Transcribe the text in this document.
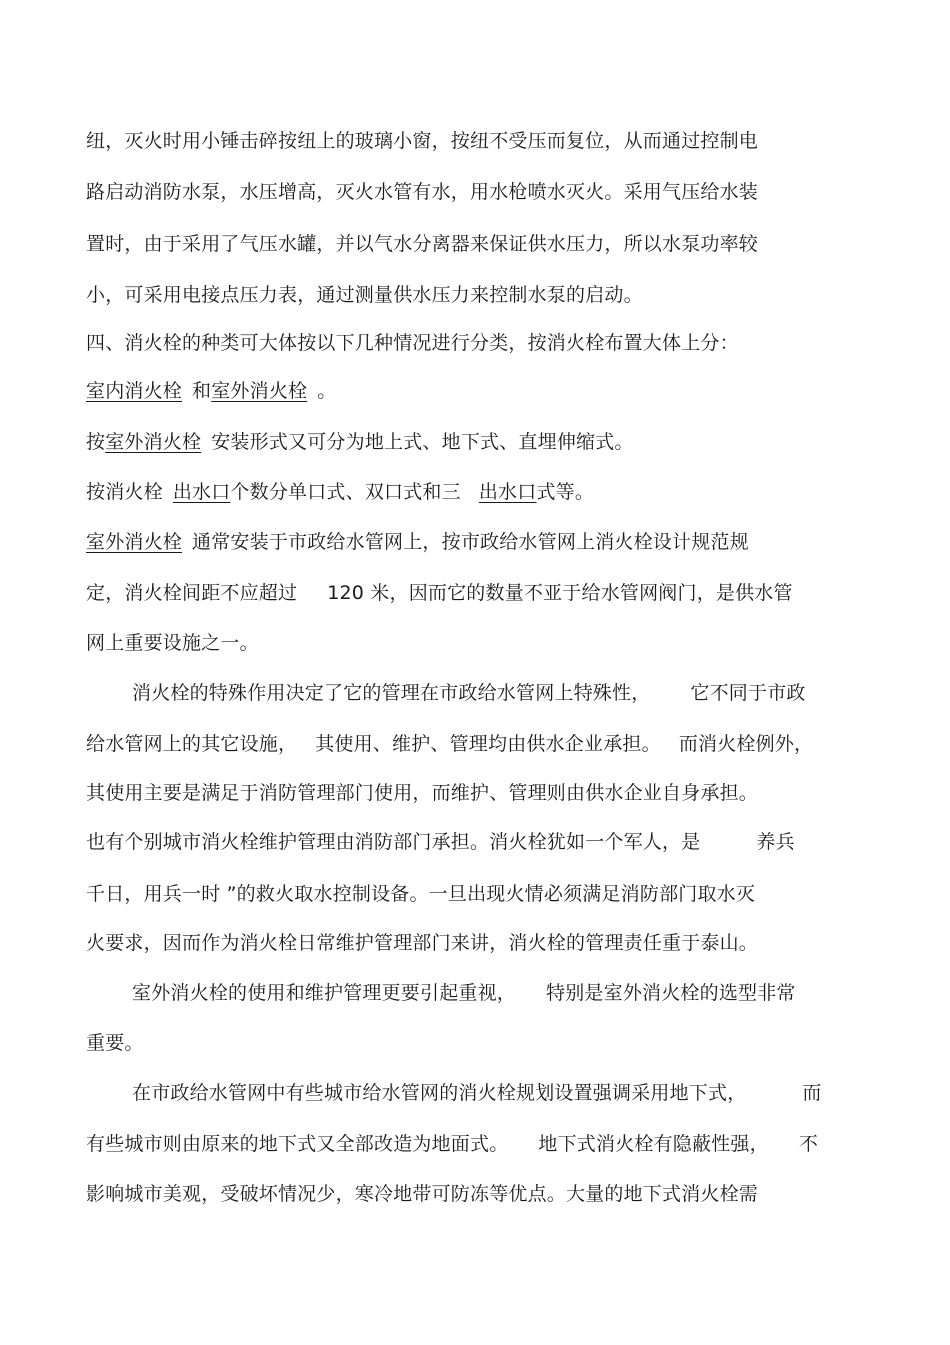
纽，灭火时用小锤击碎按纽上的玻璃小窗，按纽不受压而复位，从而通过控制电
路启动消防水泵，水压增高，灭火水管有水，用水枪喷水灭火。采用气压给水装
置时，由于采用了气压水罐，并以气水分离器来保证供水压力，所以水泵功率较
小，可采用电接点压力表，通过测量供水压力来控制水泵的启动。
四、消火栓的种类可大体按以下几种情况进行分类，按消火栓布置大体上分：
室内消火栓 和室外消火栓 。
按室外消火栓 安装形式又可分为地上式、地下式、直埋伸缩式。
按消火栓 出水口个数分单口式、双口式和三 出水口式等。
室外消火栓 通常安装于市政给水管网上，按市政给水管网上消火栓设计规范规
定，消火栓间距不应超过 120 米，因而它的数量不亚于给水管网阀门，是供水管
网上重要设施之一。
消火栓的特殊作用决定了它的管理在市政给水管网上特殊性， 它不同于市政
给水管网上的其它设施， 其使用、维护、管理均由供水企业承担。 而消火栓例外，
其使用主要是满足于消防管理部门使用，而维护、管理则由供水企业自身承担。
也有个别城市消火栓维护管理由消防部门承担。消火栓犹如一个军人，是	养兵
千日，用兵一时 ”的救火取水控制设备。一旦出现火情必须满足消防部门取水灭
火要求，因而作为消火栓日常维护管理部门来讲，消火栓的管理责任重于泰山。
室外消火栓的使用和维护管理更要引起重视， 特别是室外消火栓的选型非常
重要。
在市政给水管网中有些城市给水管网的消火栓规划设置强调采用地下式，	而
有些城市则由原来的地下式又全部改造为地面式。 地下式消火栓有隐蔽性强， 不
影响城市美观，受破坏情况少，寒冷地带可防冻等优点。大量的地下式消火栓需
